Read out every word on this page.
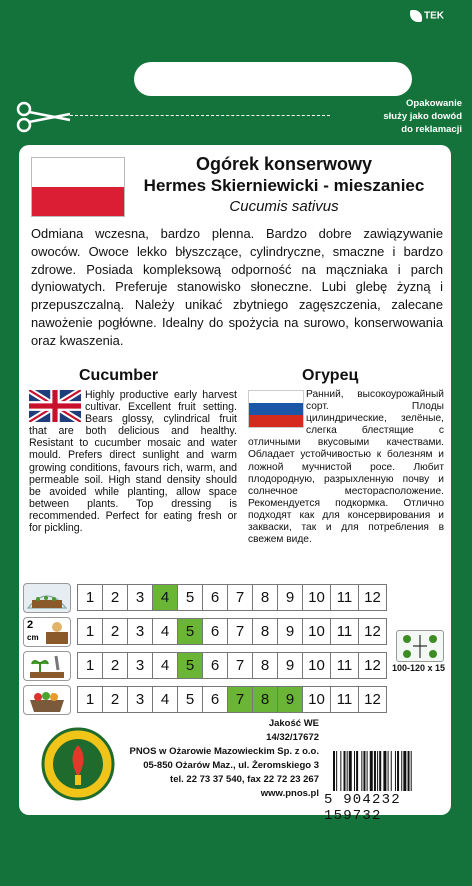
TEK
Opakowanie
służy jako dowód
do reklamacji
Ogórek konserwowy
Hermes Skierniewicki - mieszaniec
Cucumis sativus
Odmiana wczesna, bardzo plenna. Bardzo dobre zawiązywanie owoców. Owoce lekko błyszczące, cylindryczne, smaczne i bardzo zdrowe. Posiada kompleksową odporność na mączniaka i parch dyniowatych. Preferuje stanowisko słoneczne. Lubi glebę żyzną i przepuszczalną. Należy unikać zbytniego zagęszczenia, zalecane nawożenie pogłówne. Idealny do spożycia na surowo, konserwowania oraz kwaszenia.
Cucumber	Огурец
Highly productive early harvest cultivar. Excellent fruit setting. Bears glossy, cylindrical fruit that are both delicious and healthy. Resistant to cucumber mosaic and water mould. Prefers direct sunlight and warm growing conditions, favours rich, warm, and permeable soil. High stand density should be avoided while planting, allow space between plants. Top dressing is recommended. Perfect for eating fresh or for pickling.
Ранний, высокоурожайный сорт. Плоды цилиндрические, зелёные, слегка блестящие с отличными вкусовыми качествами. Обладает устойчивостью к болезням и ложной мучнистой росе. Любит плодородную, разрыхленную почву и солнечное месторасположение. Рекомендуется подкормка. Отлично подходят как для консервирования и закваски, так и для потребления в свежем виде.
1	2	3	4	5	6	7	8	9 10 11 12
2
cm	1	2	3	4	5	6	7	8	9 10 11 12
1	2	3	4	5	6	7	8	9 10 11 12
1	2	3	4	5	6	7	8	9 10 11 12
100-120 x 15
Jakość WE
14/32/17672
PNOS w Ożarowie Mazowieckim Sp. z o.o.
05-850 Ożarów Maz., ul. Żeromskiego 3
tel. 22 73 37 540, fax 22 72 23 267
www.pnos.pl 5 904232 159732
